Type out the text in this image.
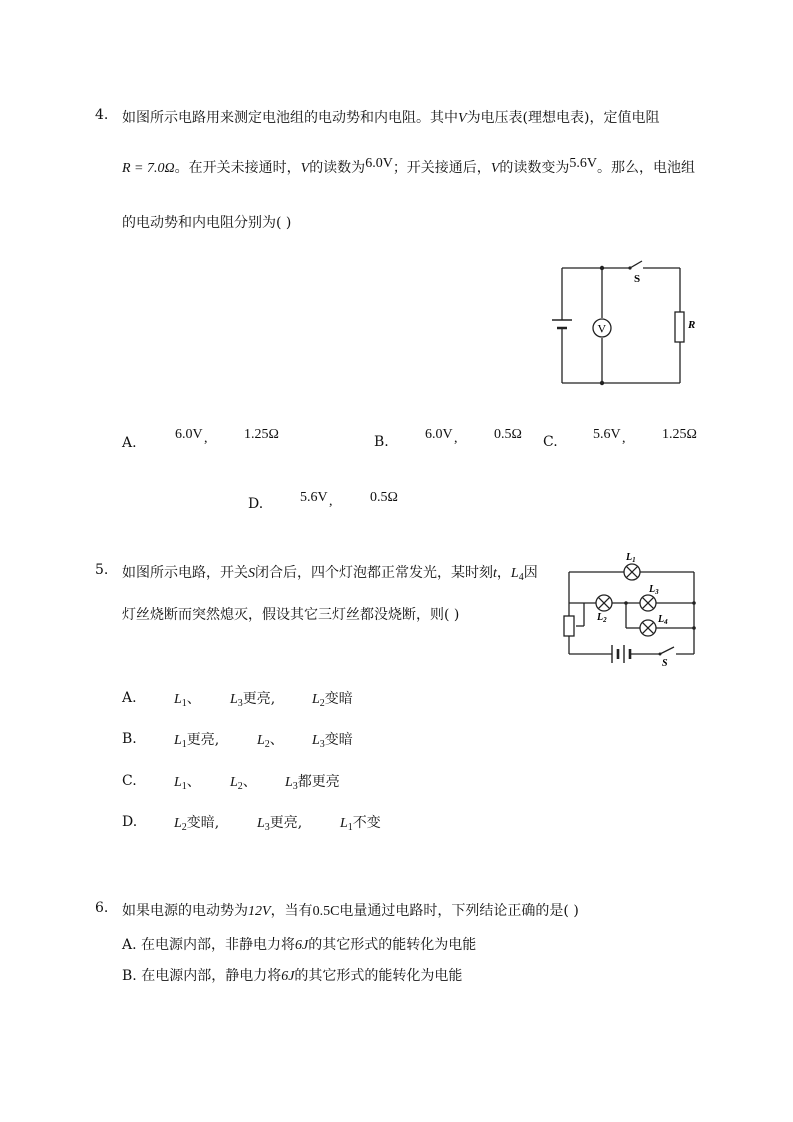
4. 如图所示电路用来测定电池组的电动势和内电阻。其中V为电压表(理想电表)，定值电阻
R = 7.0Ω。在开关未接通时，V的读数为6.0V；开关接通后，V的读数变为5.6V。那么，电池组
的电动势和内电阻分别为( )
V
S
R
A.
6.0V ,	1.25Ω	B.	6.0V ,	0.5Ω C.	5.6V ,	1.25Ω
D.	5.6V ,	0.5Ω
5. 如图所示电路，开关S闭合后，四个灯泡都正常发光，某时刻t，$L_4$因
灯丝烧断而突然熄灭，假设其它三灯丝都没烧断，则( )
$L_1$
$L_2$
$L_3$
$L_4$
S
A.	$L_1$、 $L_3$更亮,	$L_2$变暗
B.	$L_1$更亮,	$L_2$、 $L_3$变暗
C.	$L_1$、 $L_2$、 $L_3$都更亮
D.	$L_2$变暗,	$L_3$更亮,	$L_1$不变
6. 如果电源的电动势为12V，当有0.5C电量通过电路时，下列结论正确的是( )
A. 在电源内部，非静电力将6J的其它形式的能转化为电能
B. 在电源内部，静电力将6J的其它形式的能转化为电能
